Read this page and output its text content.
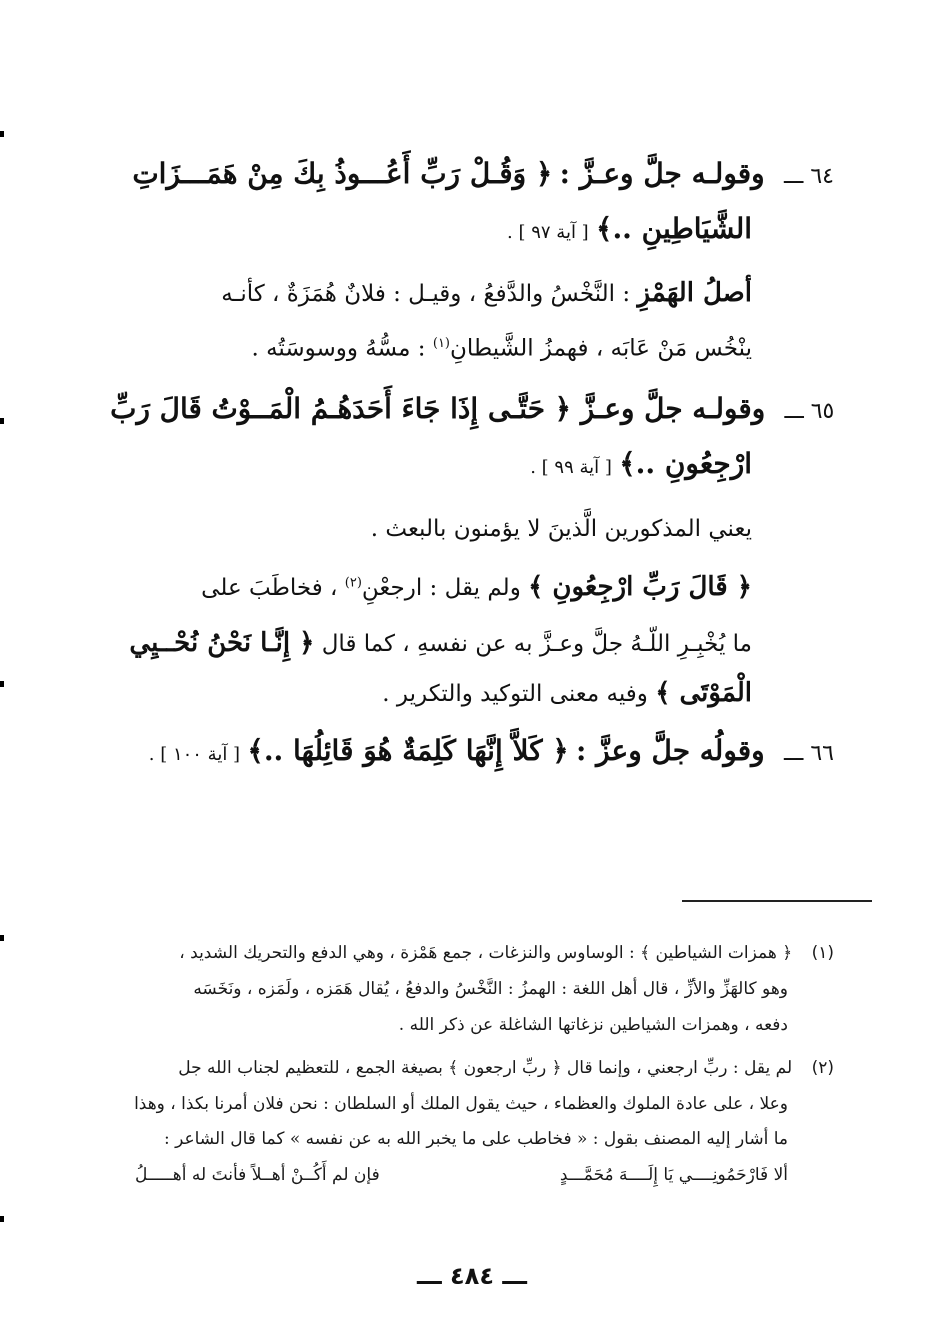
٦٤ ـــ وقولـه جلَّ وعـزَّ : ﴿ وَقُـلْ رَبِّ أَعُـــوذُ بِكَ مِنْ هَمَـــزَاتِ
الشَّيَاطِينِ ..﴾ [ آية ٩٧ ] .
أصلُ الهَمْزِ : النَّخْسُ والدَّفعُ ، وقيـل : فلانٌ هُمَزَةٌ ، كأنـه
ينْخُس مَنْ عَابَه ، فهمزُ الشَّيطانِ$^{(١)}$ : مسُّهُ ووسوسَتُه .
٦٥ ـــ وقولـه جلَّ وعـزَّ ﴿ حَتَّـى إِذَا جَاءَ أَحَدَهُـمُ الْمَــوْتُ قَالَ رَبِّ
ارْجِعُونِ ..﴾ [ آية ٩٩ ] .
يعني المذكورين الَّذينَ لا يؤمنون بالبعث .
﴿ قَالَ رَبِّ ارْجِعُونِ ﴾ ولم يقل : ارجعْنِ$^{(٢)}$ ، فخاطَبَ على
ما يُخْبِـرِ اللّـهُ جلَّ وعـزَّ به عن نفسهِ ، كما قال ﴿ إِنَّـا نَحْنُ نُحْــيِي
الْمَوْتَى ﴾ وفيه معنى التوكيد والتكرير .
٦٦ ـــ وقولُه جلَّ وعزَّ : ﴿ كَلاَّ إِنَّهَا كَلِمَةٌ هُوَ قَائِلُهَا ..﴾ [ آية ١٠٠ ] .
(١) ﴿ همزات الشياطين ﴾ : الوساوس والنزغات ، جمع هَمْزة ، وهي الدفع والتحريك الشديد ،
وهو كالهَزِّ والأزِّ ، قال أهل اللغة : الهمزُ : النَّخْسُ والدفعُ ، يُقال هَمَزه ، ولَمَزه ، ونَخَسَه
دفعه ، وهمزات الشياطين نزغاتها الشاغلة عن ذكر الله .
(٢) لم يقل : ربِّ ارجعني ، وإنما قال ﴿ ربِّ ارجعون ﴾ بصيغة الجمع ، للتعظيم لجناب الله جل
وعلا ، على عادة الملوك والعظماء ، حيث يقول الملك أو السلطان : نحن فلان أمرنا بكذا ، وهذا
ما أشار إليه المصنف بقول : « فخاطب على ما يخبر الله به عن نفسه » كما قال الشاعر :
ألا فَارْحَمُونِــــي يَا إِلَــــهَ مُحَمَّـــدٍ
فإن لم أَكُــنْ أهــلاً فأنتَ له أهـــــلُ
ـــ ٤٨٤ ـــ
